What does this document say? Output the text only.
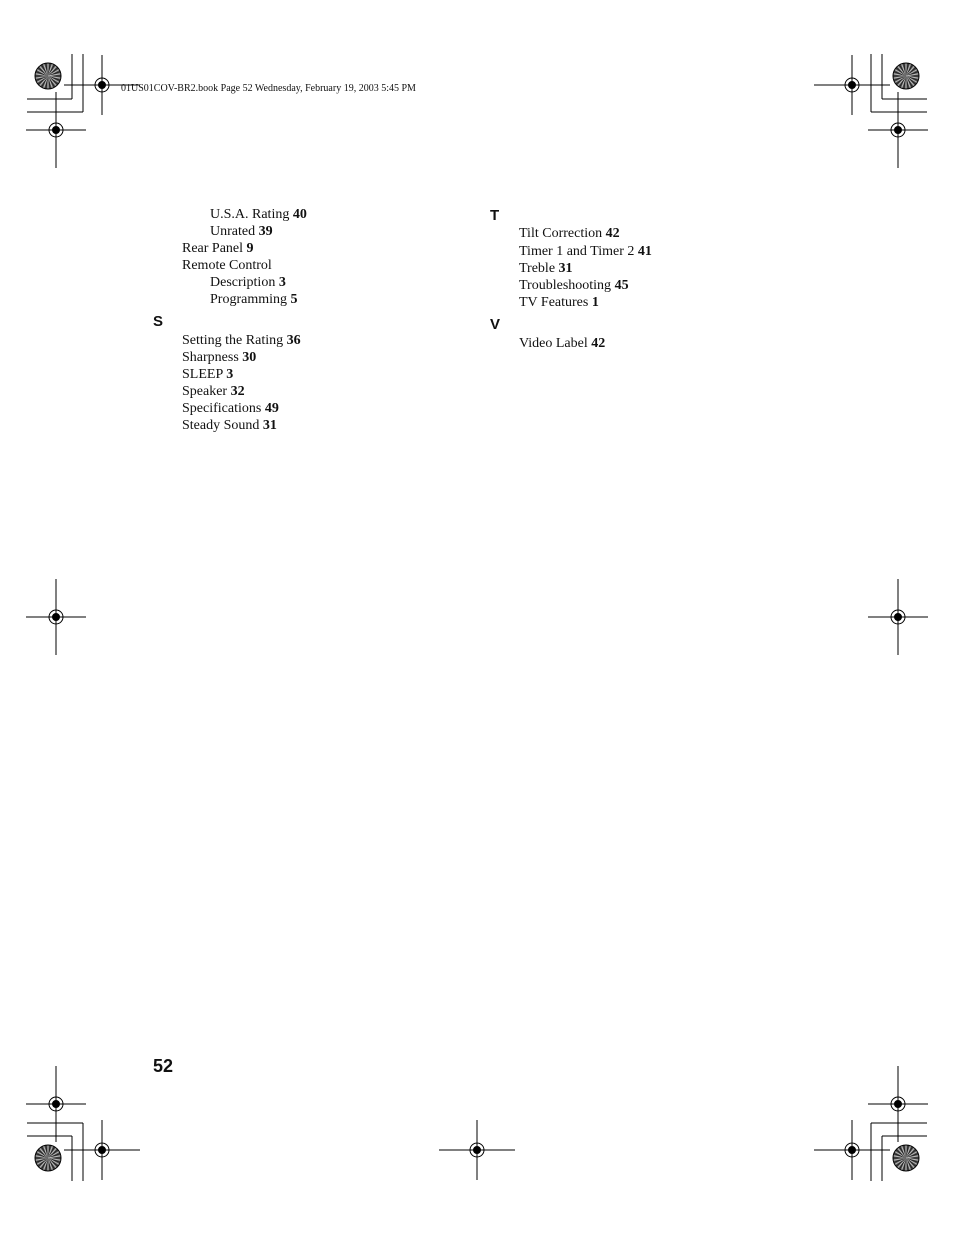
01US01COV-BR2.book Page 52 Wednesday, February 19, 2003 5:45 PM
U.S.A. Rating 40
Unrated 39
Rear Panel 9
Remote Control
Description 3
Programming 5
S
Setting the Rating 36
Sharpness 30
SLEEP 3
Speaker 32
Specifications 49
Steady Sound 31
T
Tilt Correction 42
Timer 1 and Timer 2 41
Treble 31
Troubleshooting 45
TV Features 1
V
Video Label 42
52
